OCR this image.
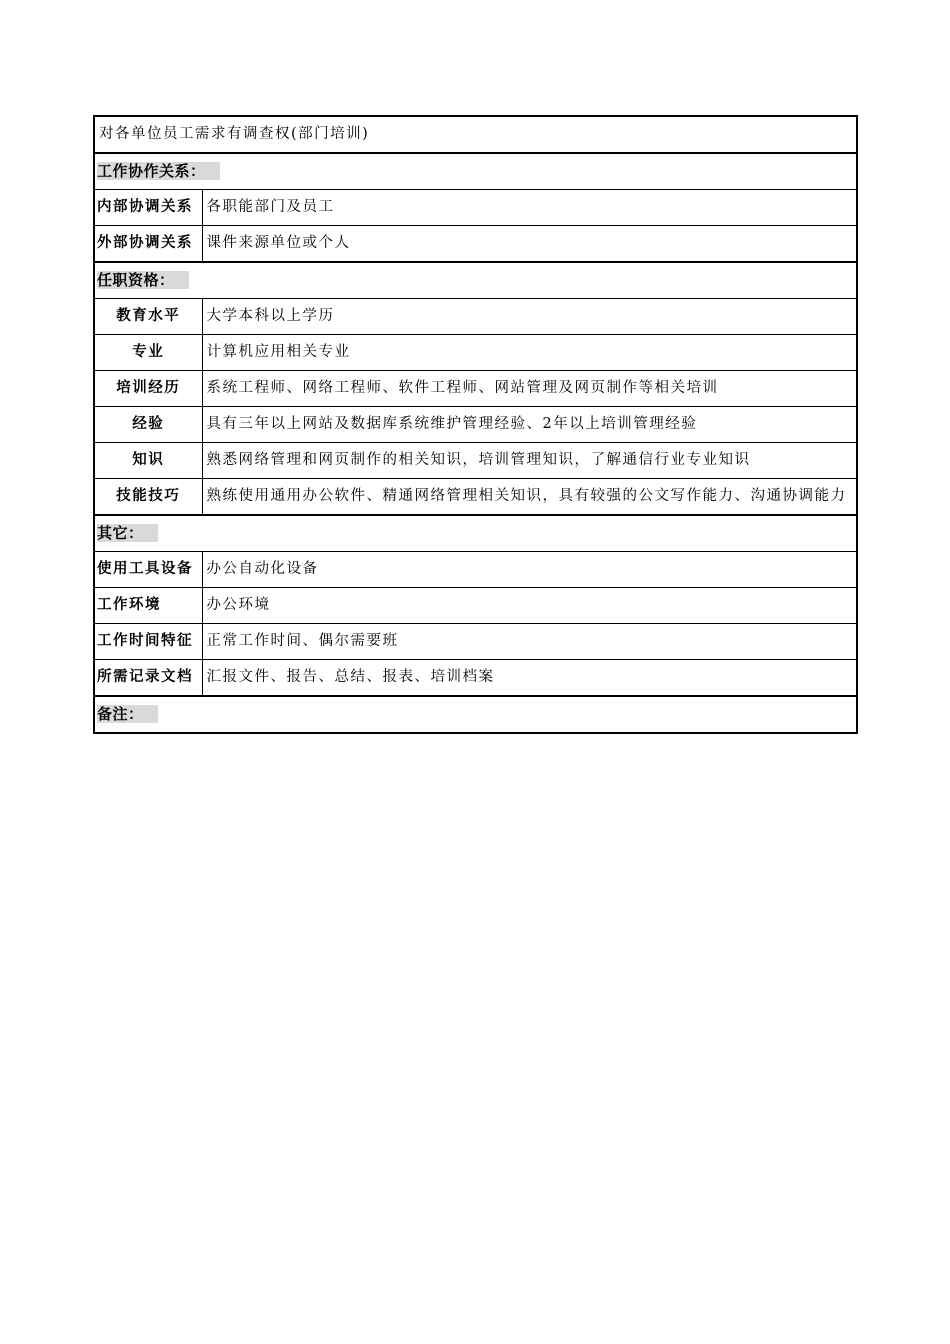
对各单位员工需求有调查权(部门培训)	
工作协作关系：	
内部协调关系	各职能部门及员工
外部协调关系	课件来源单位或个人
任职资格：	
教育水平	大学本科以上学历
专业	计算机应用相关专业
培训经历	系统工程师、网络工程师、软件工程师、网站管理及网页制作等相关培训
经验	具有三年以上网站及数据库系统维护管理经验、2年以上培训管理经验
知识	熟悉网络管理和网页制作的相关知识，培训管理知识，了解通信行业专业知识
技能技巧	熟练使用通用办公软件、精通网络管理相关知识，具有较强的公文写作能力、沟通协调能力
其它：	
使用工具设备	办公自动化设备
工作环境	办公环境
工作时间特征	正常工作时间、偶尔需要班
所需记录文档	汇报文件、报告、总结、报表、培训档案
备注：	
